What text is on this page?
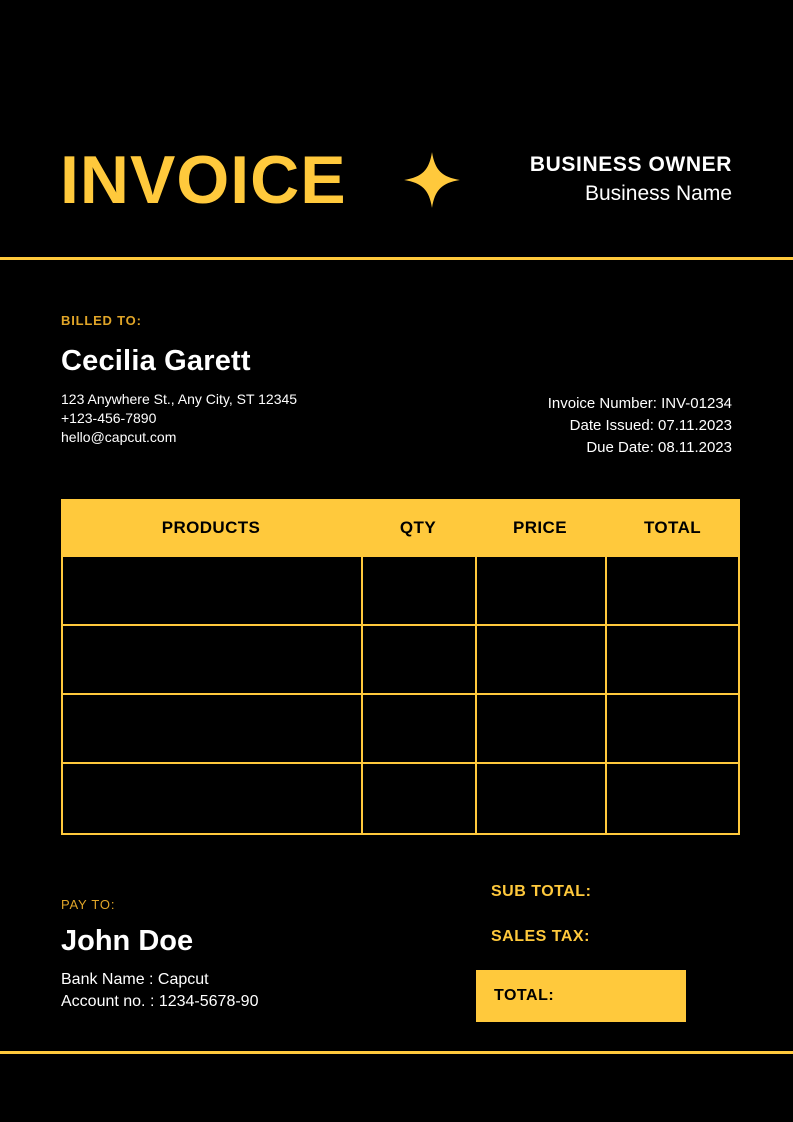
INVOICE	BUSINESS OWNER
Business Name
BILLED TO:
Cecilia Garett
123 Anywhere St., Any City, ST 12345
+123-456-7890
hello@capcut.com
Invoice Number: INV-01234
Date Issued: 07.11.2023
Due Date: 08.11.2023
PRODUCTS	QTY	PRICE	TOTAL
PAY TO:
John Doe
Bank Name : Capcut
Account no. : 1234-5678-90
SUB TOTAL:
SALES TAX:
TOTAL:
